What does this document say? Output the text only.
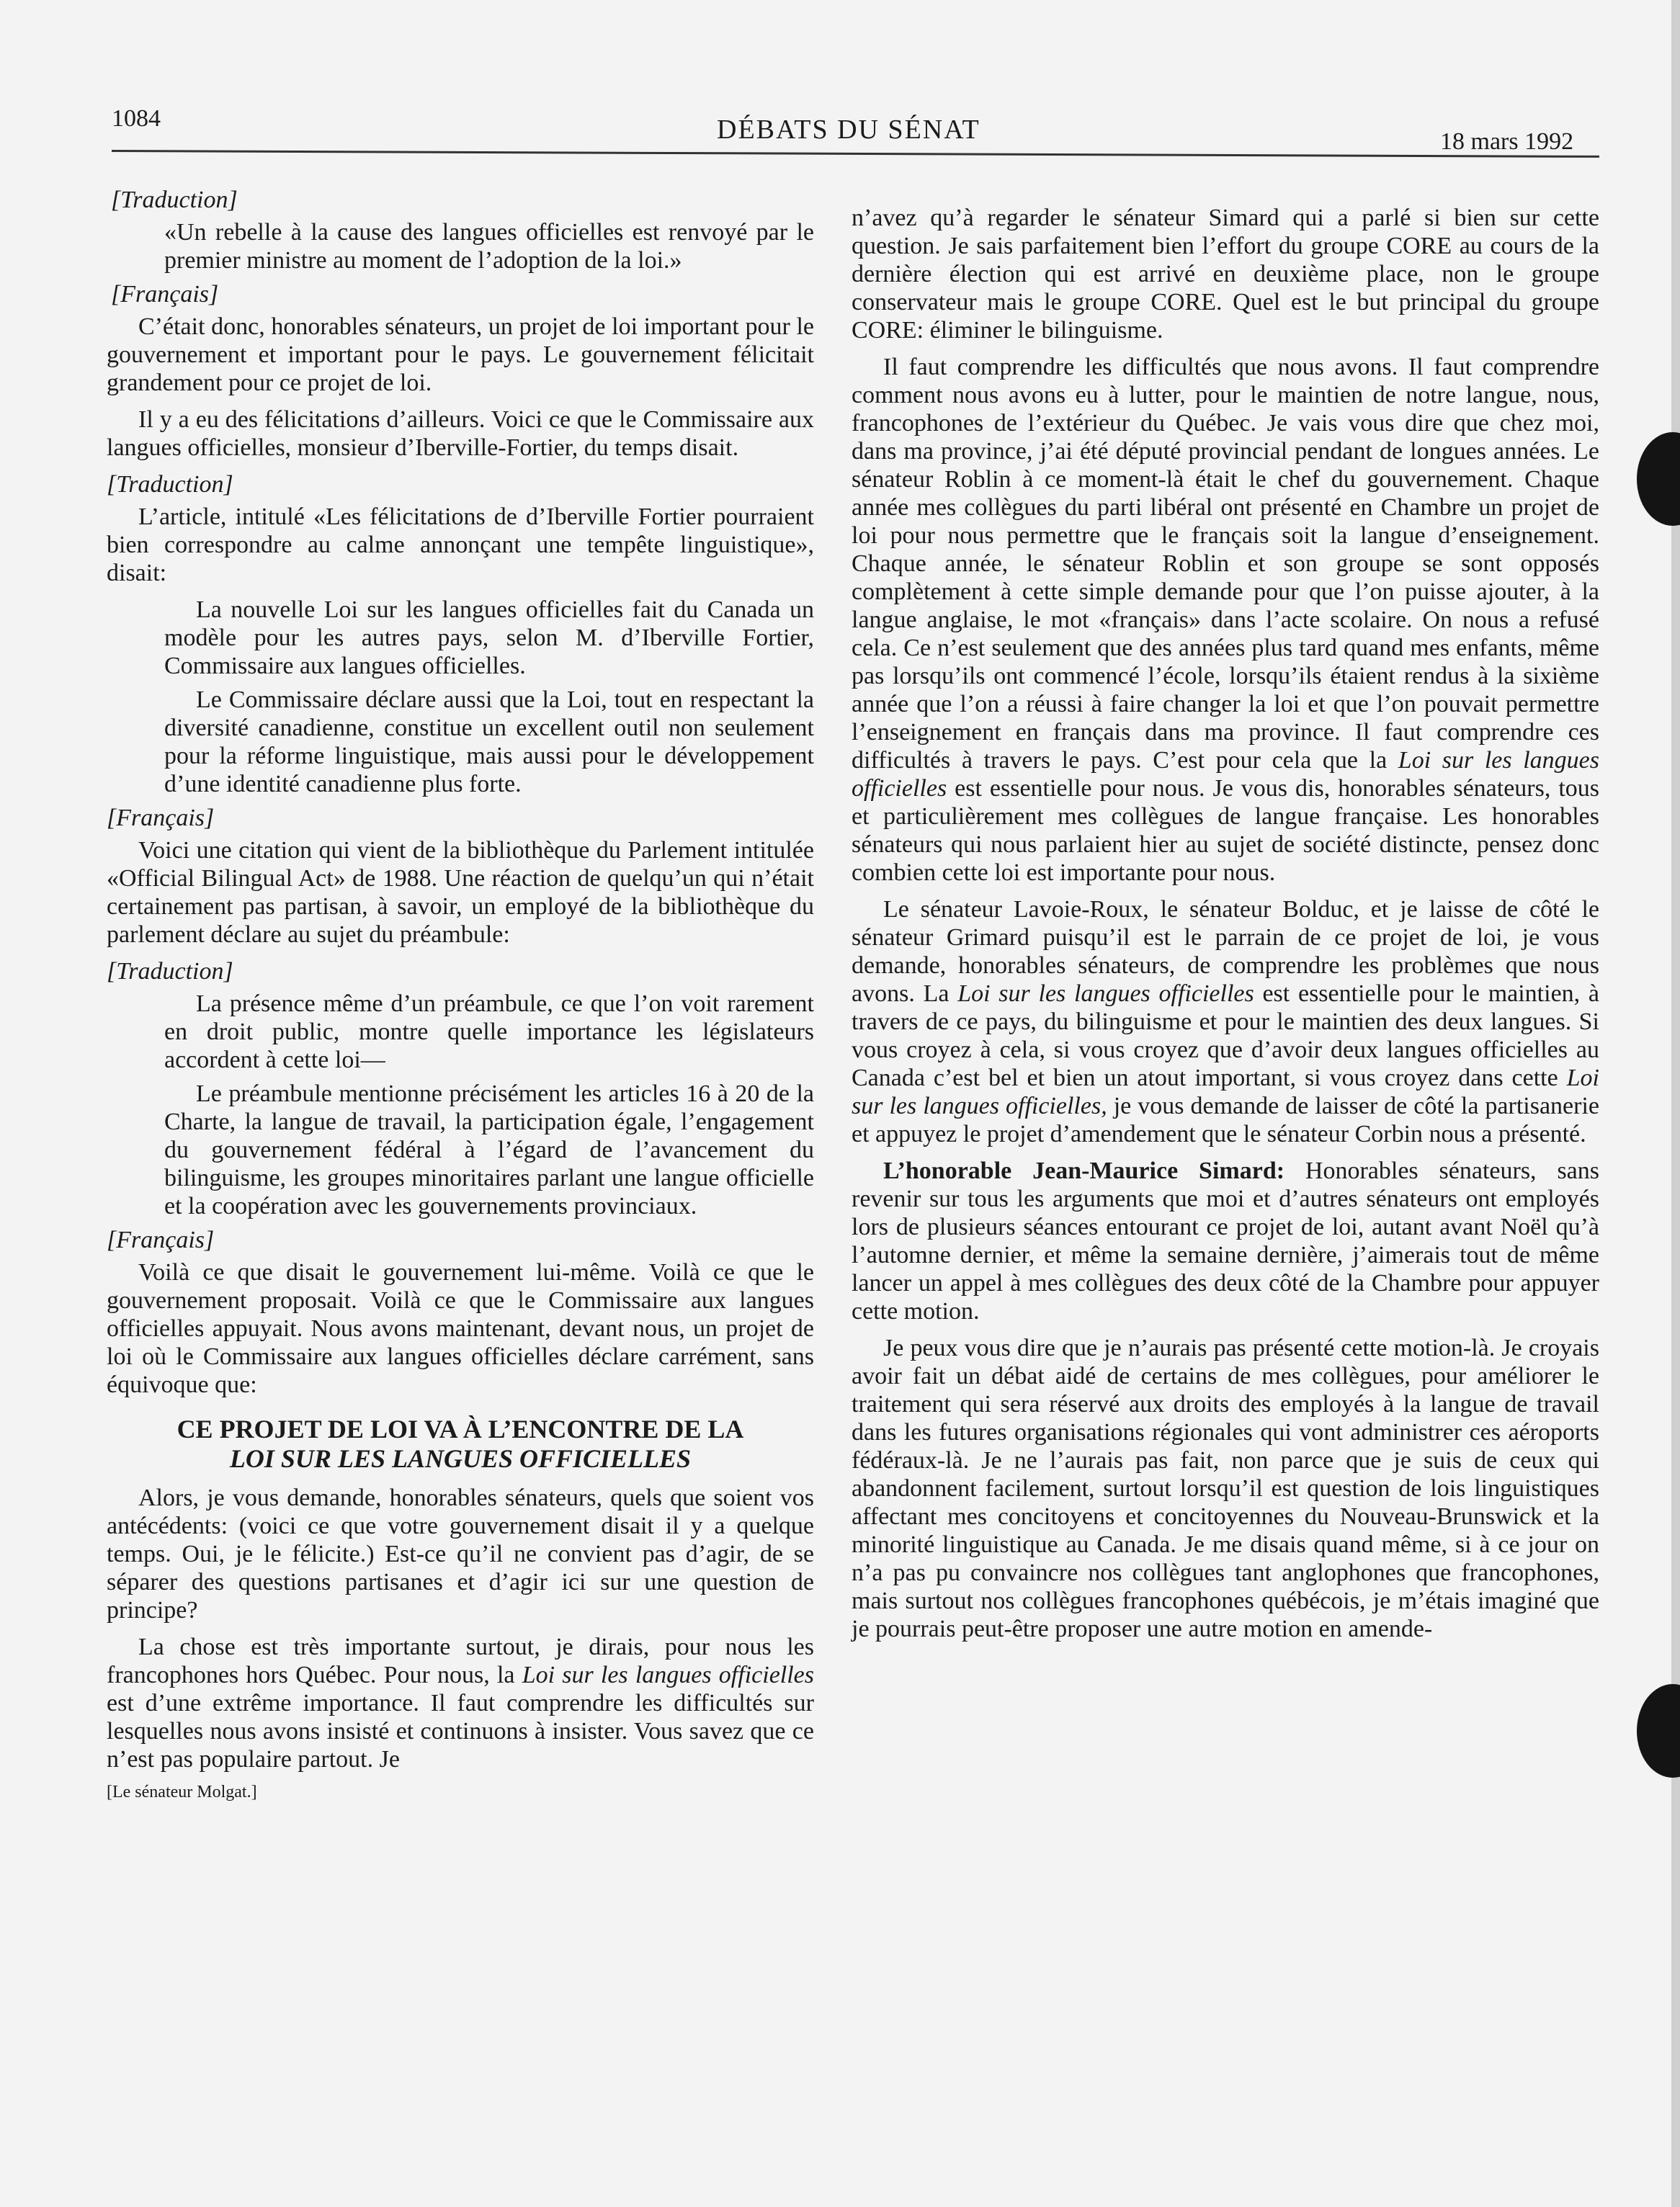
1084	DÉBATS DU SÉNAT	18 mars 1992
[Traduction]

«Un rebelle à la cause des langues officielles est renvoyé par le premier ministre au moment de l’adoption de la loi.»

[Français]

C’était donc, honorables sénateurs, un projet de loi important pour le gouvernement et important pour le pays. Le gouvernement félicitait grandement pour ce projet de loi.

Il y a eu des félicitations d’ailleurs. Voici ce que le Commissaire aux langues officielles, monsieur d’Iberville-Fortier, du temps disait.

[Traduction]

L’article, intitulé «Les félicitations de d’Iberville Fortier pourraient bien correspondre au calme annonçant une tempête linguistique», disait:

La nouvelle Loi sur les langues officielles fait du Canada un modèle pour les autres pays, selon M. d’Iberville Fortier, Commissaire aux langues officielles.

Le Commissaire déclare aussi que la Loi, tout en respectant la diversité canadienne, constitue un excellent outil non seulement pour la réforme linguistique, mais aussi pour le développement d’une identité canadienne plus forte.

[Français]

Voici une citation qui vient de la bibliothèque du Parlement intitulée «Official Bilingual Act» de 1988. Une réaction de quelqu’un qui n’était certainement pas partisan, à savoir, un employé de la bibliothèque du parlement déclare au sujet du préambule:

[Traduction]

La présence même d’un préambule, ce que l’on voit rarement en droit public, montre quelle importance les législateurs accordent à cette loi—

Le préambule mentionne précisément les articles 16 à 20 de la Charte, la langue de travail, la participation égale, l’engagement du gouvernement fédéral à l’égard de l’avancement du bilinguisme, les groupes minoritaires parlant une langue officielle et la coopération avec les gouvernements provinciaux.

[Français]

Voilà ce que disait le gouvernement lui-même. Voilà ce que le gouvernement proposait. Voilà ce que le Commissaire aux langues officielles appuyait. Nous avons maintenant, devant nous, un projet de loi où le Commissaire aux langues officielles déclare carrément, sans équivoque que:

CE PROJET DE LOI VA À L’ENCONTRE DE LA
LOI SUR LES LANGUES OFFICIELLES

Alors, je vous demande, honorables sénateurs, quels que soient vos antécédents: (voici ce que votre gouvernement disait il y a quelque temps. Oui, je le félicite.) Est-ce qu’il ne convient pas d’agir, de se séparer des questions partisanes et d’agir ici sur une question de principe?

La chose est très importante surtout, je dirais, pour nous les francophones hors Québec. Pour nous, la Loi sur les langues officielles est d’une extrême importance. Il faut comprendre les difficultés sur lesquelles nous avons insisté et continuons à insister. Vous savez que ce n’est pas populaire partout. Je

[Le sénateur Molgat.]

n’avez qu’à regarder le sénateur Simard qui a parlé si bien sur cette question. Je sais parfaitement bien l’effort du groupe CORE au cours de la dernière élection qui est arrivé en deuxième place, non le groupe conservateur mais le groupe CORE. Quel est le but principal du groupe CORE: éliminer le bilinguisme.

Il faut comprendre les difficultés que nous avons. Il faut comprendre comment nous avons eu à lutter, pour le maintien de notre langue, nous, francophones de l’extérieur du Québec. Je vais vous dire que chez moi, dans ma province, j’ai été député provincial pendant de longues années. Le sénateur Roblin à ce moment-là était le chef du gouvernement. Chaque année mes collègues du parti libéral ont présenté en Chambre un projet de loi pour nous permettre que le français soit la langue d’enseignement. Chaque année, le sénateur Roblin et son groupe se sont opposés complètement à cette simple demande pour que l’on puisse ajouter, à la langue anglaise, le mot «français» dans l’acte scolaire. On nous a refusé cela. Ce n’est seulement que des années plus tard quand mes enfants, même pas lorsqu’ils ont commencé l’école, lorsqu’ils étaient rendus à la sixième année que l’on a réussi à faire changer la loi et que l’on pouvait permettre l’enseignement en français dans ma province. Il faut comprendre ces difficultés à travers le pays. C’est pour cela que la Loi sur les langues officielles est essentielle pour nous. Je vous dis, honorables sénateurs, tous et particulièrement mes collègues de langue française. Les honorables sénateurs qui nous parlaient hier au sujet de société distincte, pensez donc combien cette loi est importante pour nous.

Le sénateur Lavoie-Roux, le sénateur Bolduc, et je laisse de côté le sénateur Grimard puisqu’il est le parrain de ce projet de loi, je vous demande, honorables sénateurs, de comprendre les problèmes que nous avons. La Loi sur les langues officielles est essentielle pour le maintien, à travers de ce pays, du bilinguisme et pour le maintien des deux langues. Si vous croyez à cela, si vous croyez que d’avoir deux langues officielles au Canada c’est bel et bien un atout important, si vous croyez dans cette Loi sur les langues officielles, je vous demande de laisser de côté la partisanerie et appuyez le projet d’amendement que le sénateur Corbin nous a présenté.

L’honorable Jean-Maurice Simard: Honorables sénateurs, sans revenir sur tous les arguments que moi et d’autres sénateurs ont employés lors de plusieurs séances entourant ce projet de loi, autant avant Noël qu’à l’automne dernier, et même la semaine dernière, j’aimerais tout de même lancer un appel à mes collègues des deux côté de la Chambre pour appuyer cette motion.

Je peux vous dire que je n’aurais pas présenté cette motion-là. Je croyais avoir fait un débat aidé de certains de mes collègues, pour améliorer le traitement qui sera réservé aux droits des employés à la langue de travail dans les futures organisations régionales qui vont administrer ces aéroports fédéraux-là. Je ne l’aurais pas fait, non parce que je suis de ceux qui abandonnent facilement, surtout lorsqu’il est question de lois linguistiques affectant mes concitoyens et concitoyennes du Nouveau-Brunswick et la minorité linguistique au Canada. Je me disais quand même, si à ce jour on n’a pas pu convaincre nos collègues tant anglophones que francophones, mais surtout nos collègues francophones québécois, je m’étais imaginé que je pourrais peut-être proposer une autre motion en amende-
